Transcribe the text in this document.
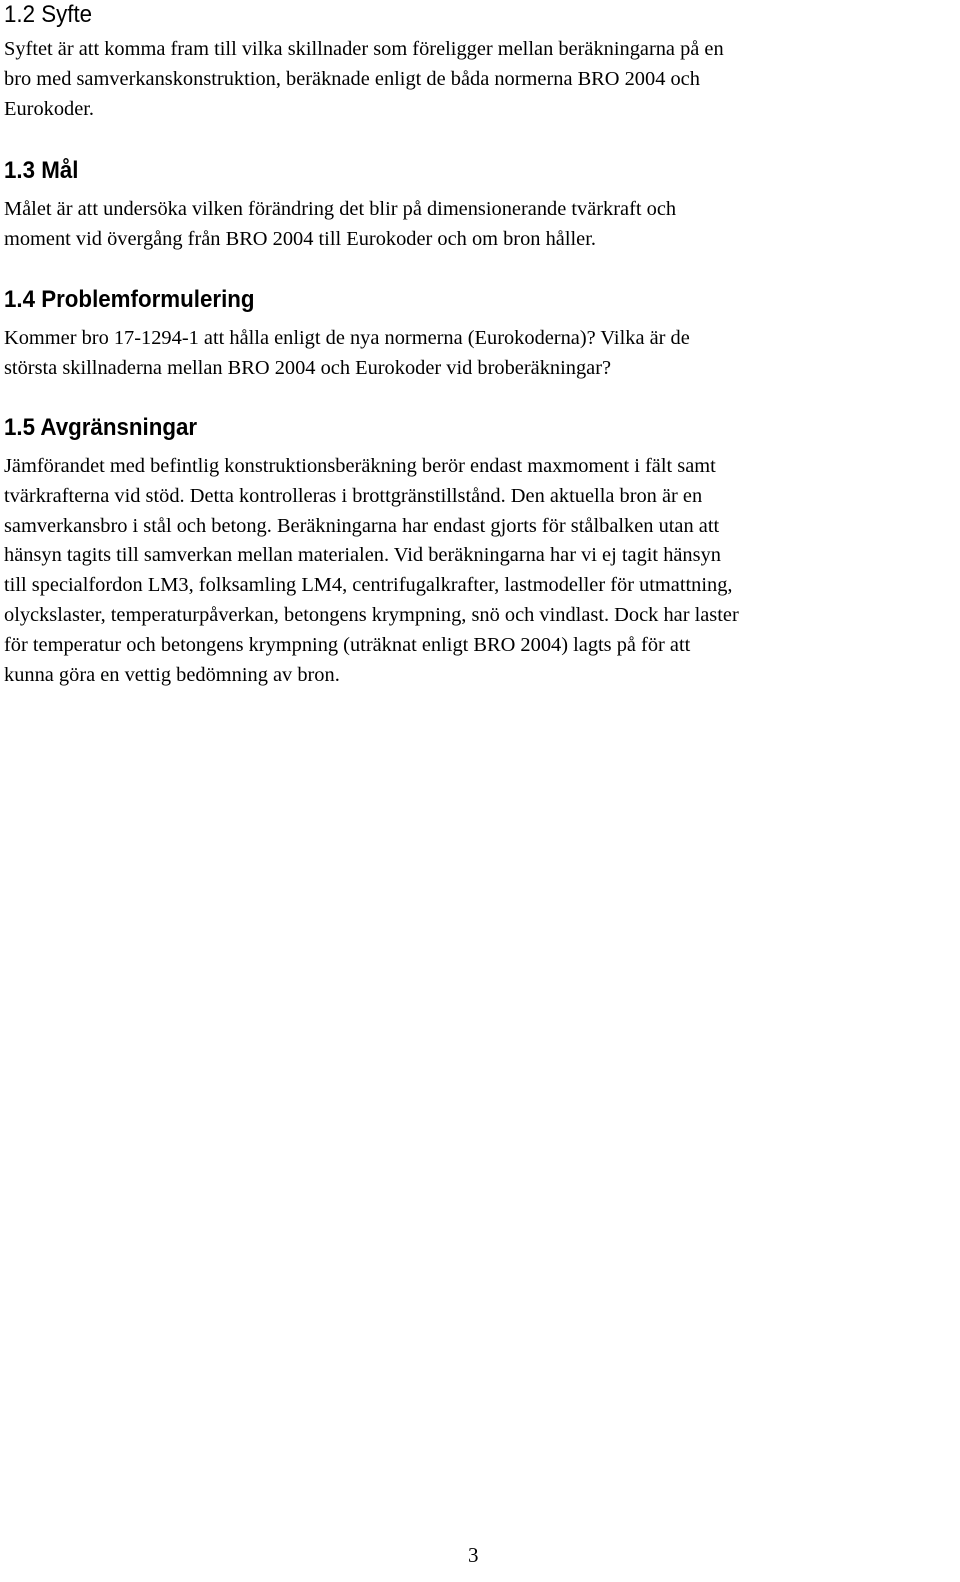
1.2 Syfte

Syftet är att komma fram till vilka skillnader som föreligger mellan beräkningarna på en
bro med samverkanskonstruktion, beräknade enligt de båda normerna BRO 2004 och
Eurokoder.

1.3 Mål

Målet är att undersöka vilken förändring det blir på dimensionerande tvärkraft och
moment vid övergång från BRO 2004 till Eurokoder och om bron håller.

1.4 Problemformulering

Kommer bro 17-1294-1 att hålla enligt de nya normerna (Eurokoderna)? Vilka är de
största skillnaderna mellan BRO 2004 och Eurokoder vid broberäkningar?

1.5 Avgränsningar

Jämförandet med befintlig konstruktionsberäkning berör endast maxmoment i fält samt
tvärkrafterna vid stöd. Detta kontrolleras i brottgränstillstånd. Den aktuella bron är en
samverkansbro i stål och betong. Beräkningarna har endast gjorts för stålbalken utan att
hänsyn tagits till samverkan mellan materialen. Vid beräkningarna har vi ej tagit hänsyn
till specialfordon LM3, folksamling LM4, centrifugalkrafter, lastmodeller för utmattning,
olyckslaster, temperaturpåverkan, betongens krympning, snö och vindlast. Dock har laster
för temperatur och betongens krympning (uträknat enligt BRO 2004) lagts på för att
kunna göra en vettig bedömning av bron.

3
